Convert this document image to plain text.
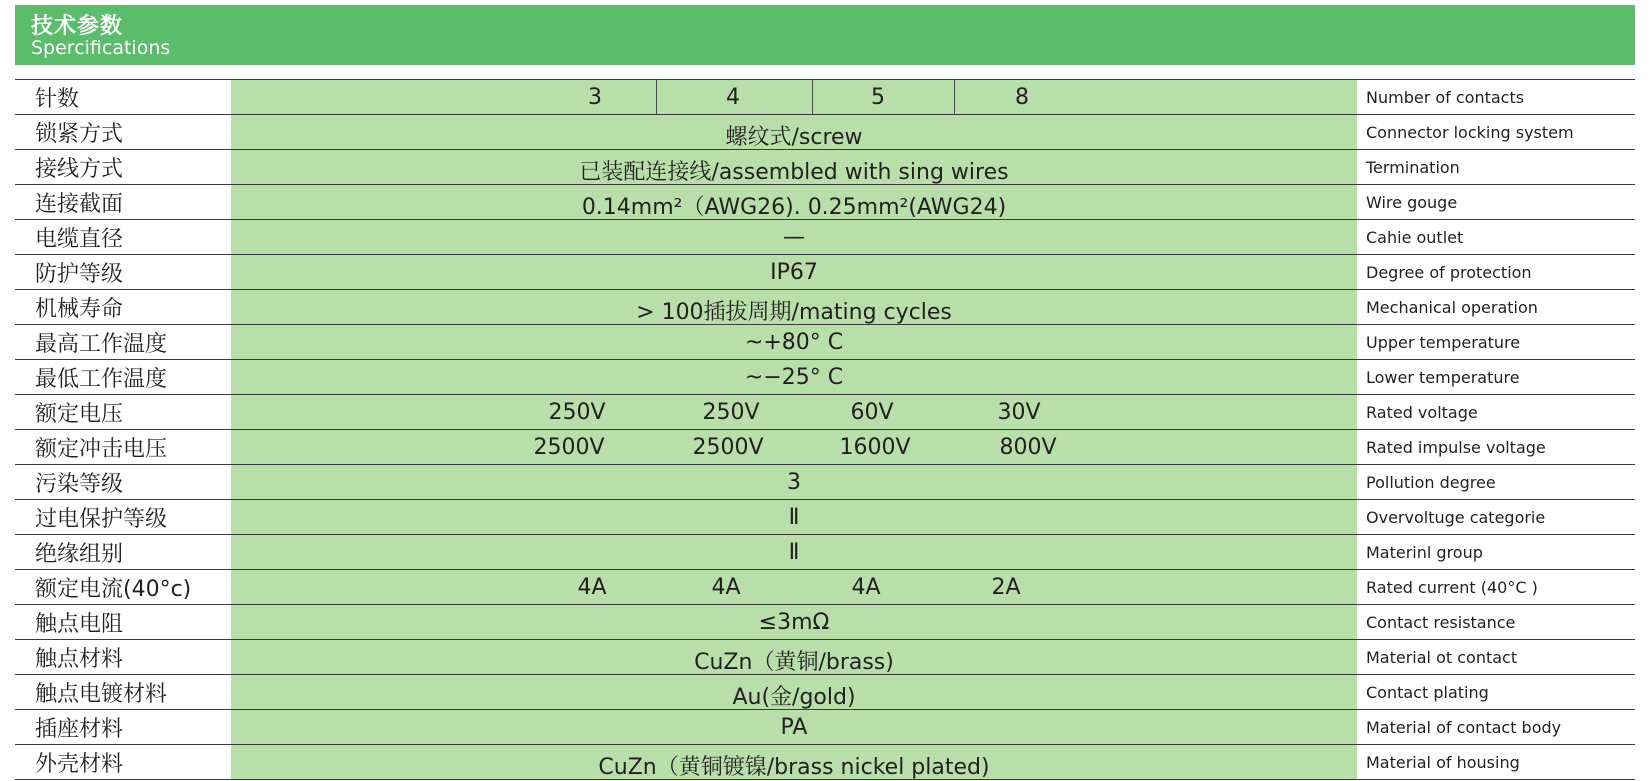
技术参数
Spercifications
针数	3	4	5	8	Number of contacts
锁紧方式	螺纹式/screw	Connector locking system
接线方式	已装配连接线/assembled with sing wires	Termination
连接截面	0.14mm²（AWG26). 0.25mm²(AWG24)	Wire gouge
电缆直径	—	Cahie outlet
防护等级	IP67	Degree of protection
机械寿命	> 100插拔周期/mating cycles	Mechanical operation
最高工作温度	~+80° C	Upper temperature
最低工作温度	~−25° C	Lower temperature
额定电压	250V	250V	60V	30V	Rated voltage
额定冲击电压	2500V	2500V	1600V	800V	Rated impulse voltage
污染等级	3	Pollution degree
过电保护等级	Ⅱ	Overvoltuge categorie
绝缘组别	Ⅱ	Materinl group
额定电流(40°c)	4A	4A	4A	2A	Rated current (40°C )
触点电阻	≤3mΩ	Contact resistance
触点材料	CuZn（黄铜/brass)	Material ot contact
触点电镀材料	Au(金/gold)	Contact plating
插座材料	PA	Material of contact body
外壳材料	CuZn（黄铜镀镍/brass nickel plated)	Material of housing
